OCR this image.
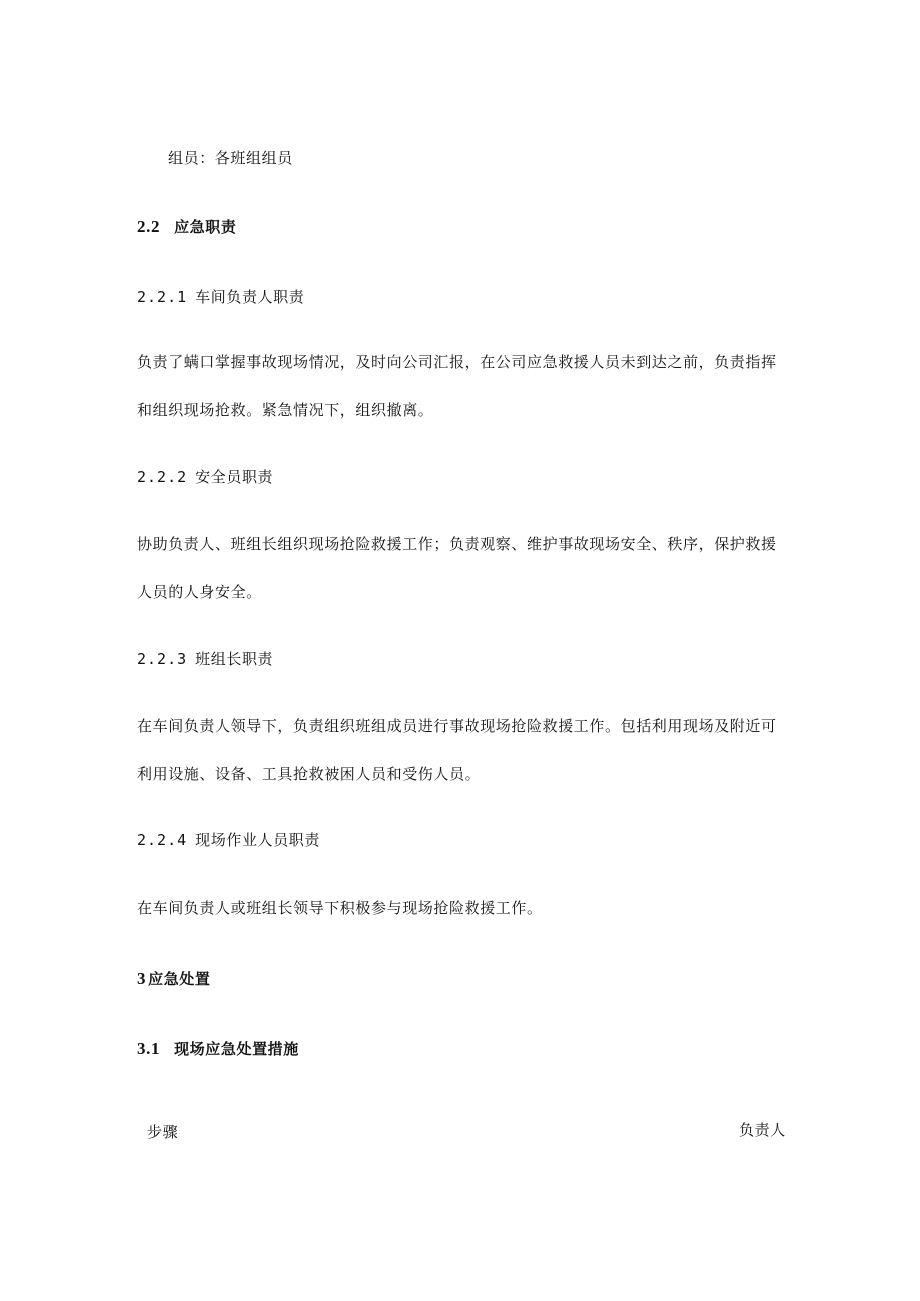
组员：各班组组员
2.2 应急职责
2.2.1 车间负责人职责
负责了螨口掌握事故现场情况，及时向公司汇报，在公司应急救援人员未到达之前，负责指挥
和组织现场抢救。紧急情况下，组织撤离。
2.2.2 安全员职责
协助负责人、班组长组织现场抢险救援工作；负责观察、维护事故现场安全、秩序，保护救援
人员的人身安全。
2.2.3 班组长职责
在车间负责人领导下，负责组织班组成员进行事故现场抢险救援工作。包括利用现场及附近可
利用设施、设备、工具抢救被困人员和受伤人员。
2.2.4 现场作业人员职责
在车间负责人或班组长领导下积极参与现场抢险救援工作。
3 应急处置
3.1 现场应急处置措施
步骤	负责人
